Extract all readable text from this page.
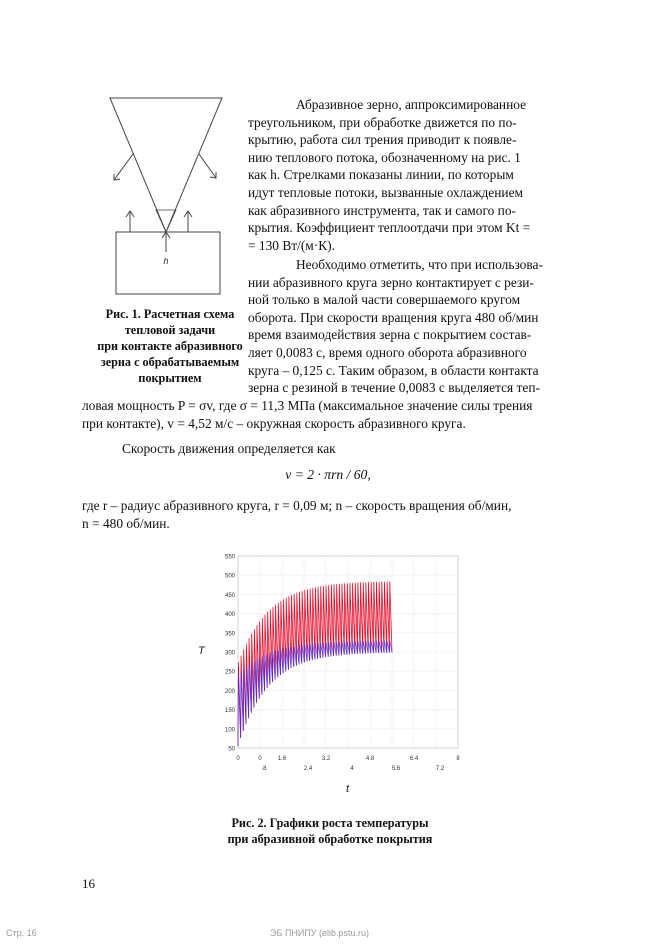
h
Рис. 1. Расчетная схема
тепловой задачи
при контакте абразивного
зерна с обрабатываемым
покрытием
Абразивное зерно, аппроксимированное
треугольником, при обработке движется по по-
крытию, работа сил трения приводит к появле-
нию теплового потока, обозначенному на рис. 1
как h. Стрелками показаны линии, по которым
идут тепловые потоки, вызванные охлаждением
как абразивного инструмента, так и самого по-
крытия. Коэффициент теплоотдачи при этом Kt =
= 130 Вт/(м·К).
Необходимо отметить, что при использова-
нии абразивного круга зерно контактирует с рези-
ной только в малой части совершаемого кругом
оборота. При скорости вращения круга 480 об/мин
время взаимодействия зерна с покрытием состав-
ляет 0,0083 с, время одного оборота абразивного
круга – 0,125 с. Таким образом, в области контакта
зерна с резиной в течение 0,0083 с выделяется теп-
ловая мощность P = σv, где σ = 11,3 МПа (максимальное значение силы трения
при контакте), v = 4,52 м/с – окружная скорость абразивного круга.
Скорость движения определяется как
v = 2 · πrn / 60,
где r – радиус абразивного круга, r = 0,09 м; n – скорость вращения об/мин,
n = 480 об/мин.
50
100
150
200
250
300
350
400
450
500
550
0	0	1.6	3.2	4.8	6.4	8
.8	2.4	4	5.6	7.2
T
t
Рис. 2. Графики роста температуры
при абразивной обработке покрытия
16
Стр. 16	ЭБ ПНИПУ (elib.pstu.ru)
